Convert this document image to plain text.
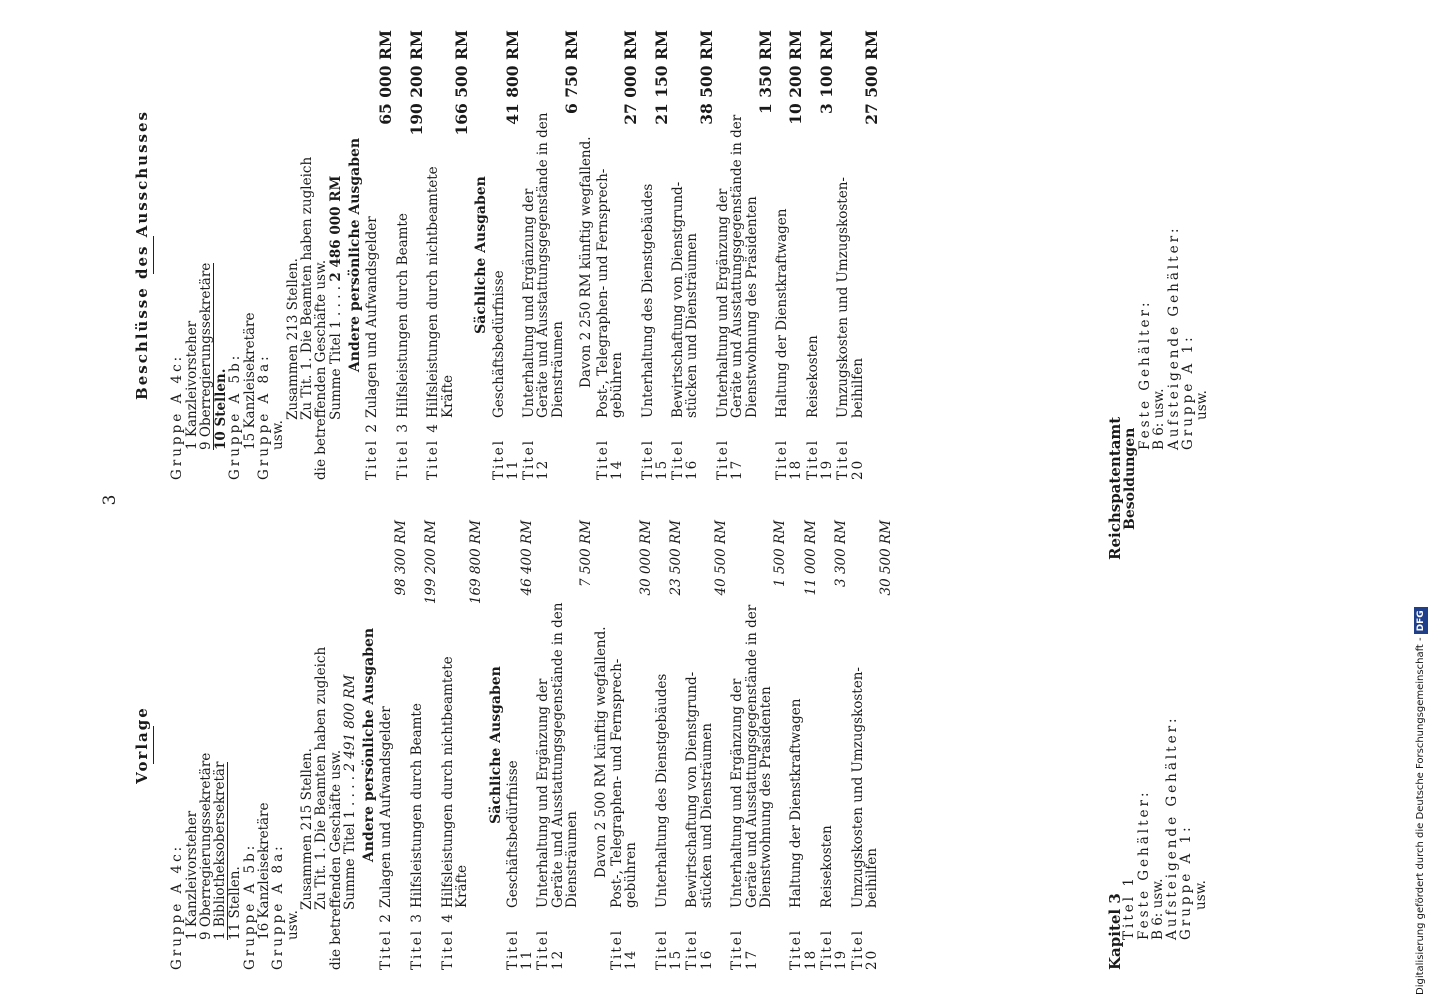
3
Vorlage
Gruppe A 4c:
1 Kanzleivorsteher
9 Oberregierungssekretäre
1 Bibliotheksobersekretär 11 Stellen.
Gruppe A 5b:
16 Kanzleisekretäre
Gruppe A 8a:
usw.
Zusammen 215 Stellen.
Zu Tit. 1. Die Beamten haben zugleich
die betreffenden Geschäfte usw.
Summe Titel 1 . . . . 2 491 800 RM Andere persönliche Ausgaben
Titel 2
Zulagen und Aufwandsgelder
98 300 RM
Titel 3
Hilfsleistungen durch Beamte
199 200 RM
Titel 4
Hilfsleistungen durch nichtbeamtete
Kräfte
169 800 RM
Sächliche Ausgaben
Titel 11
Geschäftsbedürfnisse
46 400 RM
Titel 12
Unterhaltung und Ergänzung der
Geräte und Ausstattungsgegenstände in den
Diensträumen
7 500 RM
Davon 2 500 RM künftig wegfallend.
Titel 14
Post-, Telegraphen- und Fernsprech-
gebühren
30 000 RM
Titel 15
Unterhaltung des Dienstgebäudes
23 500 RM
Titel 16
Bewirtschaftung von Dienstgrund-
stücken und Diensträumen
40 500 RM
Titel 17
Unterhaltung und Ergänzung der
Geräte und Ausstattungsgegenstände in der
Dienstwohnung des Präsidenten
1 500 RM
Titel 18
Haltung der Dienstkraftwagen
11 000 RM
Titel 19
Reisekosten
3 300 RM
Titel 20
Umzugskosten und Umzugskosten-
beihilfen
30 500 RM
Beschlüsse des Ausschusses
Gruppe A 4c:
1 Kanzleivorsteher
9 Oberregierungssekretäre 10 Stellen.
Gruppe A 5b:
15 Kanzleisekretäre
Gruppe A 8a:
usw.
Zusammen 213 Stellen.
Zu Tit. 1. Die Beamten haben zugleich
die betreffenden Geschäfte usw.
Summe Titel 1 . . . . 2 486 000 RM Andere persönliche Ausgaben
Titel 2
Zulagen und Aufwandsgelder
65 000 RM
Titel 3
Hilfsleistungen durch Beamte
190 200 RM
Titel 4
Hilfsleistungen durch nichtbeamtete
Kräfte
166 500 RM
Sächliche Ausgaben
Titel 11
Geschäftsbedürfnisse
41 800 RM
Titel 12
Unterhaltung und Ergänzung der
Geräte und Ausstattungsgegenstände in den
Diensträumen
6 750 RM
Davon 2 250 RM künftig wegfallend.
Titel 14
Post-, Telegraphen- und Fernsprech-
gebühren
27 000 RM
Titel 15
Unterhaltung des Dienstgebäudes
21 150 RM
Titel 16
Bewirtschaftung von Dienstgrund-
stücken und Diensträumen
38 500 RM
Titel 17
Unterhaltung und Ergänzung der
Geräte und Ausstattungsgegenstände in der
Dienstwohnung des Präsidenten
1 350 RM
Titel 18
Haltung der Dienstkraftwagen
10 200 RM
Titel 19
Reisekosten
3 100 RM
Titel 20
Umzugskosten und Umzugskosten-
beihilfen
27 500 RM
Kapitel 3
Titel 1
Feste Gehälter:
B 6: usw.
Aufsteigende Gehälter:
Gruppe A 1:
usw.
Reichspatentamt
Besoldungen
Feste Gehälter:
B 6: usw.
Aufsteigende Gehälter:
Gruppe A 1:
usw.
Digitalisierung gefördert durch die Deutsche Forschungsgemeinschaft -DFG
